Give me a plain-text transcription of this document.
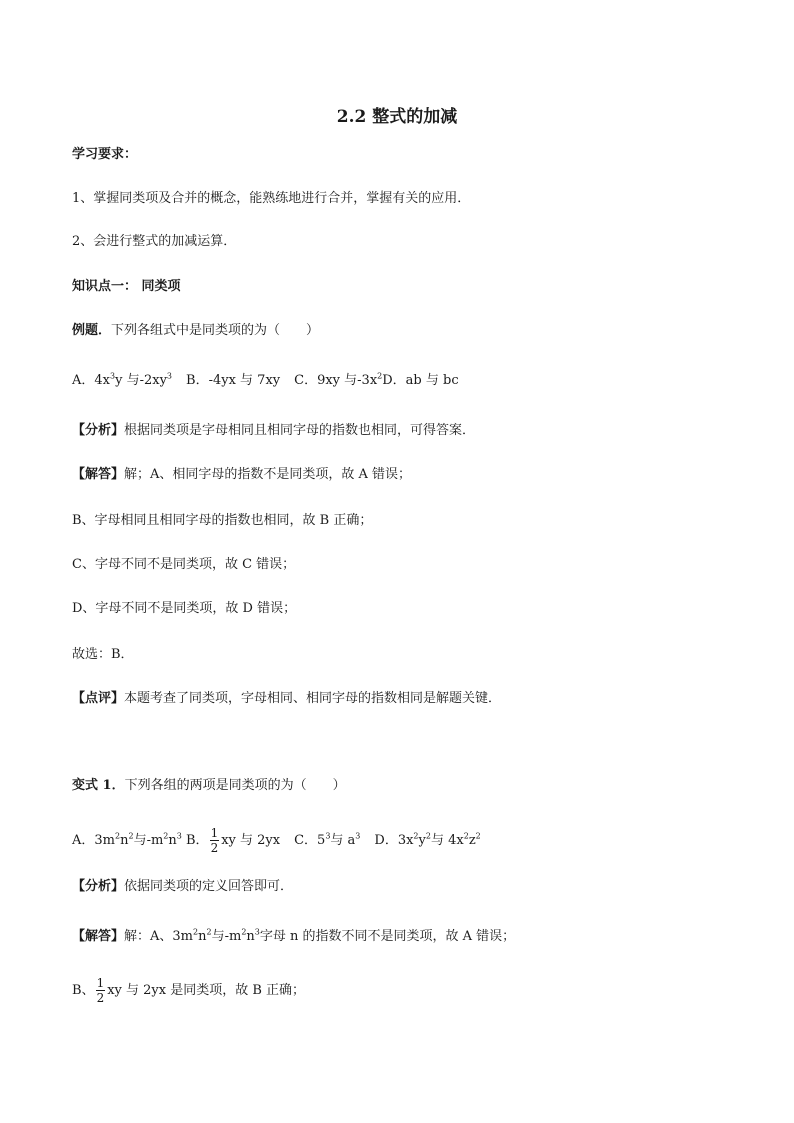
2.2 整式的加减
学习要求：
1、掌握同类项及合并的概念，能熟练地进行合并，掌握有关的应用．
2、会进行整式的加减运算．
知识点一： 同类项
例题．下列各组式中是同类项的为（　　）
A．$4x^3y$ 与$-2xy^3$ B．-4yx 与 7xy C．9xy 与$-3x^2D$．ab 与 bc
【分析】根据同类项是字母相同且相同字母的指数也相同，可得答案．
【解答】解；A、相同字母的指数不是同类项，故 A 错误；
B、字母相同且相同字母的指数也相同，故 B 正确；
C、字母不同不是同类项，故 C 错误；
D、字母不同不是同类项，故 D 错误；
故选：B．
【点评】本题考查了同类项，字母相同、相同字母的指数相同是解题关键．
变式 1．下列各组的两项是同类项的为（　　）
A．$3m^2n^2$与$-m^2n^3$ B． $\frac{1}{2}$ xy 与 2yx C．$5^3$与 $a^3$ D．$3x^2y^2$与 $4x^2z^2$
【分析】依据同类项的定义回答即可．
【解答】解：A、$3m^2n^2$与$-m^2n^3$字母 n 的指数不同不是同类项，故 A 错误；
B、 $\frac{1}{2}$ xy 与 2yx 是同类项，故 B 正确；
